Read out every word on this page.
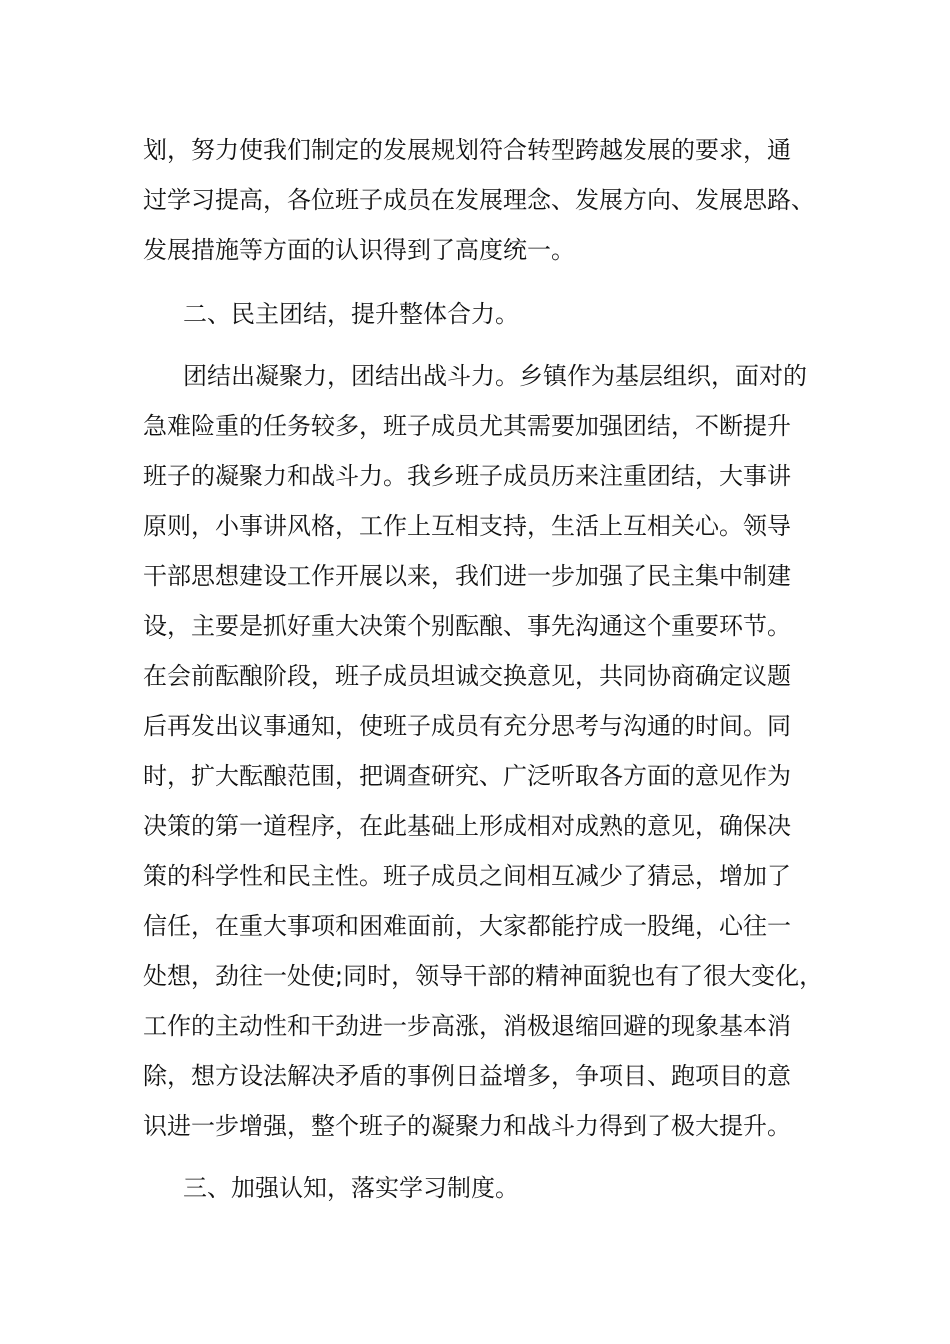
划，努力使我们制定的发展规划符合转型跨越发展的要求，通
过学习提高，各位班子成员在发展理念、发展方向、发展思路、
发展措施等方面的认识得到了高度统一。
二、民主团结，提升整体合力。
团结出凝聚力，团结出战斗力。乡镇作为基层组织，面对的
急难险重的任务较多，班子成员尤其需要加强团结，不断提升
班子的凝聚力和战斗力。我乡班子成员历来注重团结，大事讲
原则，小事讲风格，工作上互相支持，生活上互相关心。领导
干部思想建设工作开展以来，我们进一步加强了民主集中制建
设，主要是抓好重大决策个别酝酿、事先沟通这个重要环节。
在会前酝酿阶段，班子成员坦诚交换意见，共同协商确定议题
后再发出议事通知，使班子成员有充分思考与沟通的时间。同
时，扩大酝酿范围，把调查研究、广泛听取各方面的意见作为
决策的第一道程序，在此基础上形成相对成熟的意见，确保决
策的科学性和民主性。班子成员之间相互减少了猜忌，增加了
信任，在重大事项和困难面前，大家都能拧成一股绳，心往一
处想，劲往一处使;同时，领导干部的精神面貌也有了很大变化，
工作的主动性和干劲进一步高涨，消极退缩回避的现象基本消
除，想方设法解决矛盾的事例日益增多，争项目、跑项目的意
识进一步增强，整个班子的凝聚力和战斗力得到了极大提升。
三、加强认知，落实学习制度。
